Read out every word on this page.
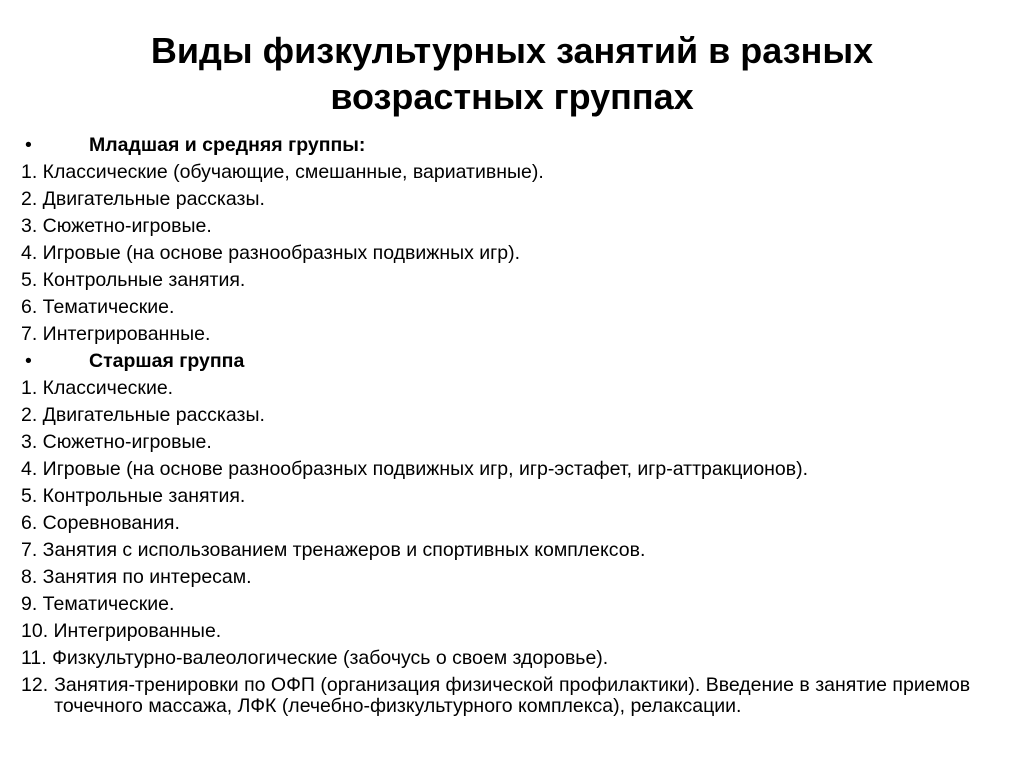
Виды физкультурных занятий в разных
возрастных группах
•	Младшая и средняя группы:
1. Классические (обучающие, смешанные, вариативные).
2. Двигательные рассказы.
3. Сюжетно-игровые.
4. Игровые (на основе разнообразных подвижных игр).
5. Контрольные занятия.
6. Тематические.
7. Интегрированные.
•	Старшая группа
1. Классические.
2. Двигательные рассказы.
3. Сюжетно-игровые.
4. Игровые (на основе разнообразных подвижных игр, игр-эстафет, игр-аттракционов).
5. Контрольные занятия.
6. Соревнования.
7. Занятия с использованием тренажеров и спортивных комплексов.
8. Занятия по интересам.
9. Тематические.
10. Интегрированные.
11. Физкультурно-валеологические (забочусь о своем здоровье).
12. Занятия-тренировки по ОФП (организация физической профилактики). Введение в занятие приемов точечного массажа, ЛФК (лечебно-физкультурного комплекса), релаксации.
